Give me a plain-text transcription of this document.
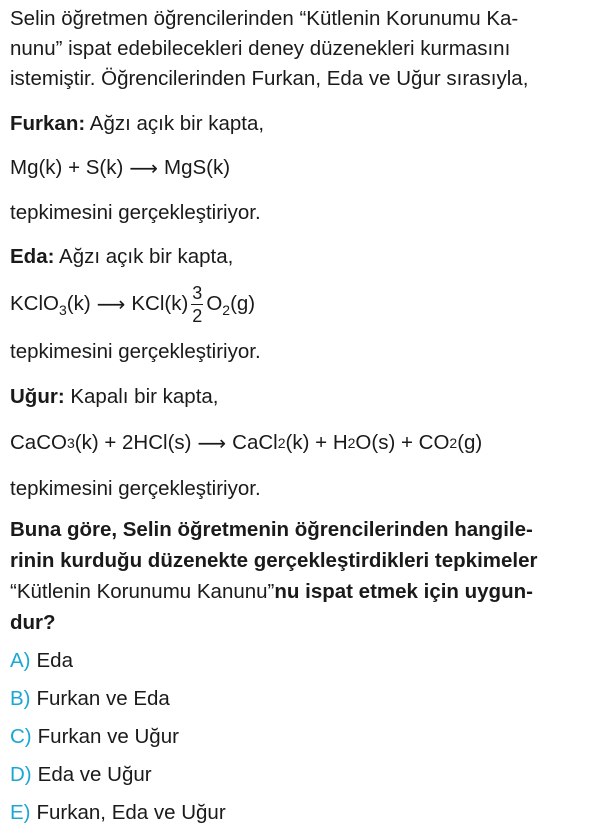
Selin öğretmen öğrencilerinden “Kütlenin Korunumu Ka-
nunu” ispat edebilecekleri deney düzenekleri kurmasını
istemiştir. Öğrencilerinden Furkan, Eda ve Uğur sırasıyla,

Furkan: Ağzı açık bir kapta,

Mg(k) + S(k) ⟶ MgS(k)

tepkimesini gerçekleştiriyor.

Eda: Ağzı açık bir kapta,

KClO$_3$(k) ⟶ $KCl(k) \frac{3}{2} O_2(g)$

tepkimesini gerçekleştiriyor.

Uğur: Kapalı bir kapta,

CaCO 3 (k) + 2HCl(s) ⟶ CaCl 2 (k) + H 2 O(s) + CO 2 (g)

tepkimesini gerçekleştiriyor.

Buna göre, Selin öğretmenin öğrencilerinden hangile-
rinin kurduğu düzenekte gerçekleştirdikleri tepkimeler
“Kütlenin Korunumu Kanunu”nu ispat etmek için uygun-
dur?
A) Eda
B) Furkan ve Eda
C) Furkan ve Uğur
D) Eda ve Uğur
E) Furkan, Eda ve Uğur
